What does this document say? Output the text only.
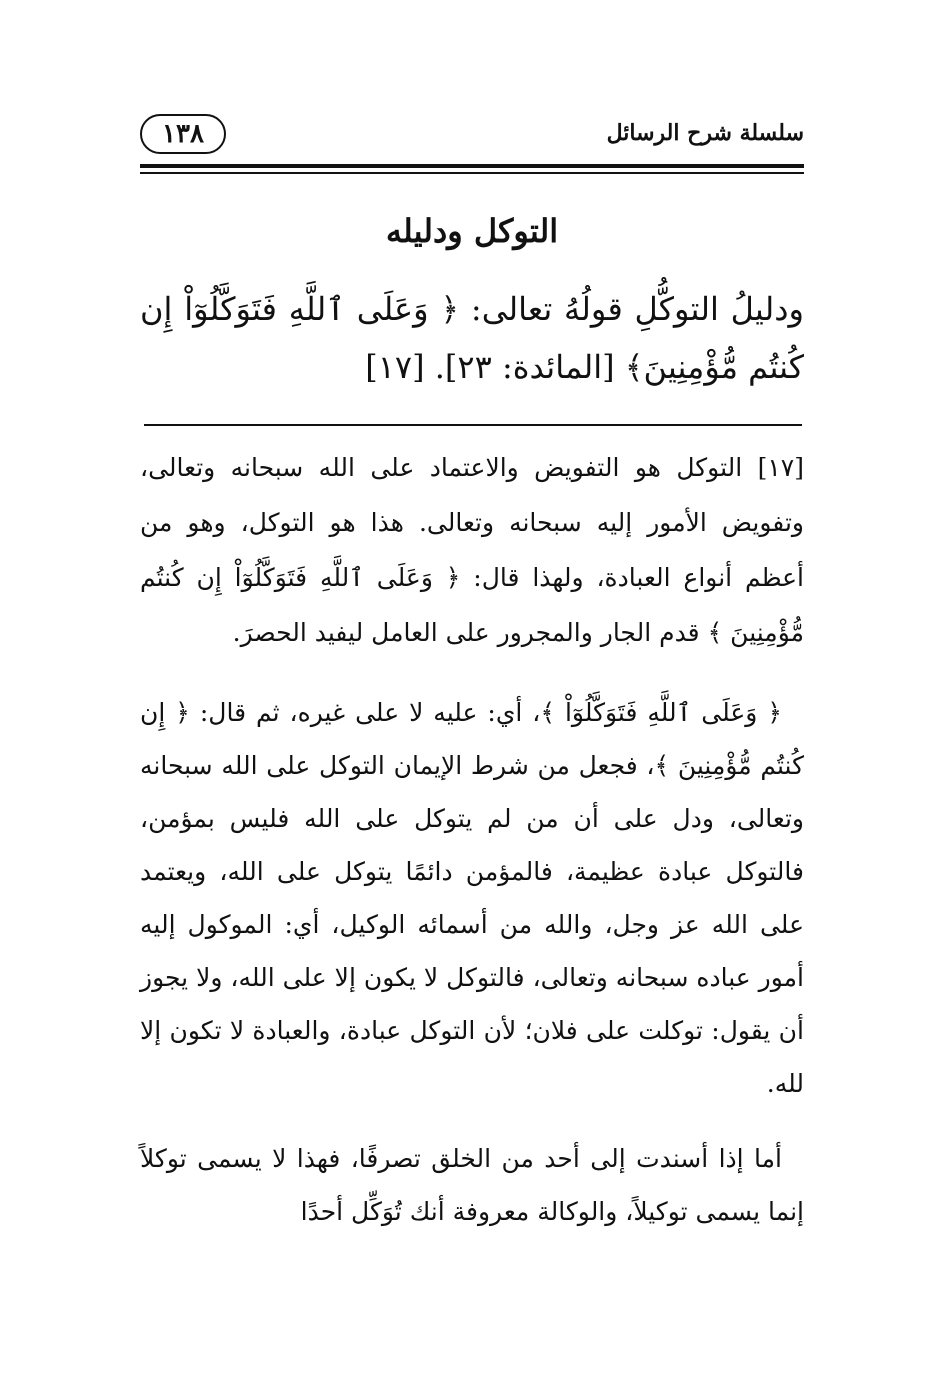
١٣٨	سلسلة شرح الرسائل
التوكل ودليله

ودليلُ التوكُّلِ قولُهُ تعالى: ﴿ وَعَلَى ٱللَّهِ فَتَوَكَّلُوٓاْ إِن كُنتُم مُّؤْمِنِينَ﴾ [المائدة: ٢٣]. [١٧]

[١٧] التوكل هو التفويض والاعتماد على الله سبحانه وتعالى، وتفويض الأمور إليه سبحانه وتعالى. هذا هو التوكل، وهو من أعظم أنواع العبادة، ولهذا قال: ﴿ وَعَلَى ٱللَّهِ فَتَوَكَّلُوٓاْ إِن كُنتُم مُّؤْمِنِينَ ﴾ قدم الجار والمجرور على العامل ليفيد الحصرَ.

﴿ وَعَلَى ٱللَّهِ فَتَوَكَّلُوٓاْ ﴾، أي: عليه لا على غيره، ثم قال: ﴿ إِن كُنتُم مُّؤْمِنِينَ ﴾، فجعل من شرط الإيمان التوكل على الله سبحانه وتعالى، ودل على أن من لم يتوكل على الله فليس بمؤمن، فالتوكل عبادة عظيمة، فالمؤمن دائمًا يتوكل على الله، ويعتمد على الله عز وجل، والله من أسمائه الوكيل، أي: الموكول إليه أمور عباده سبحانه وتعالى، فالتوكل لا يكون إلا على الله، ولا يجوز أن يقول: توكلت على فلان؛ لأن التوكل عبادة، والعبادة لا تكون إلا لله.

أما إذا أسندت إلى أحد من الخلق تصرفًا، فهذا لا يسمى توكلاً إنما يسمى توكيلاً، والوكالة معروفة أنك تُوَكِّل أحدًا
